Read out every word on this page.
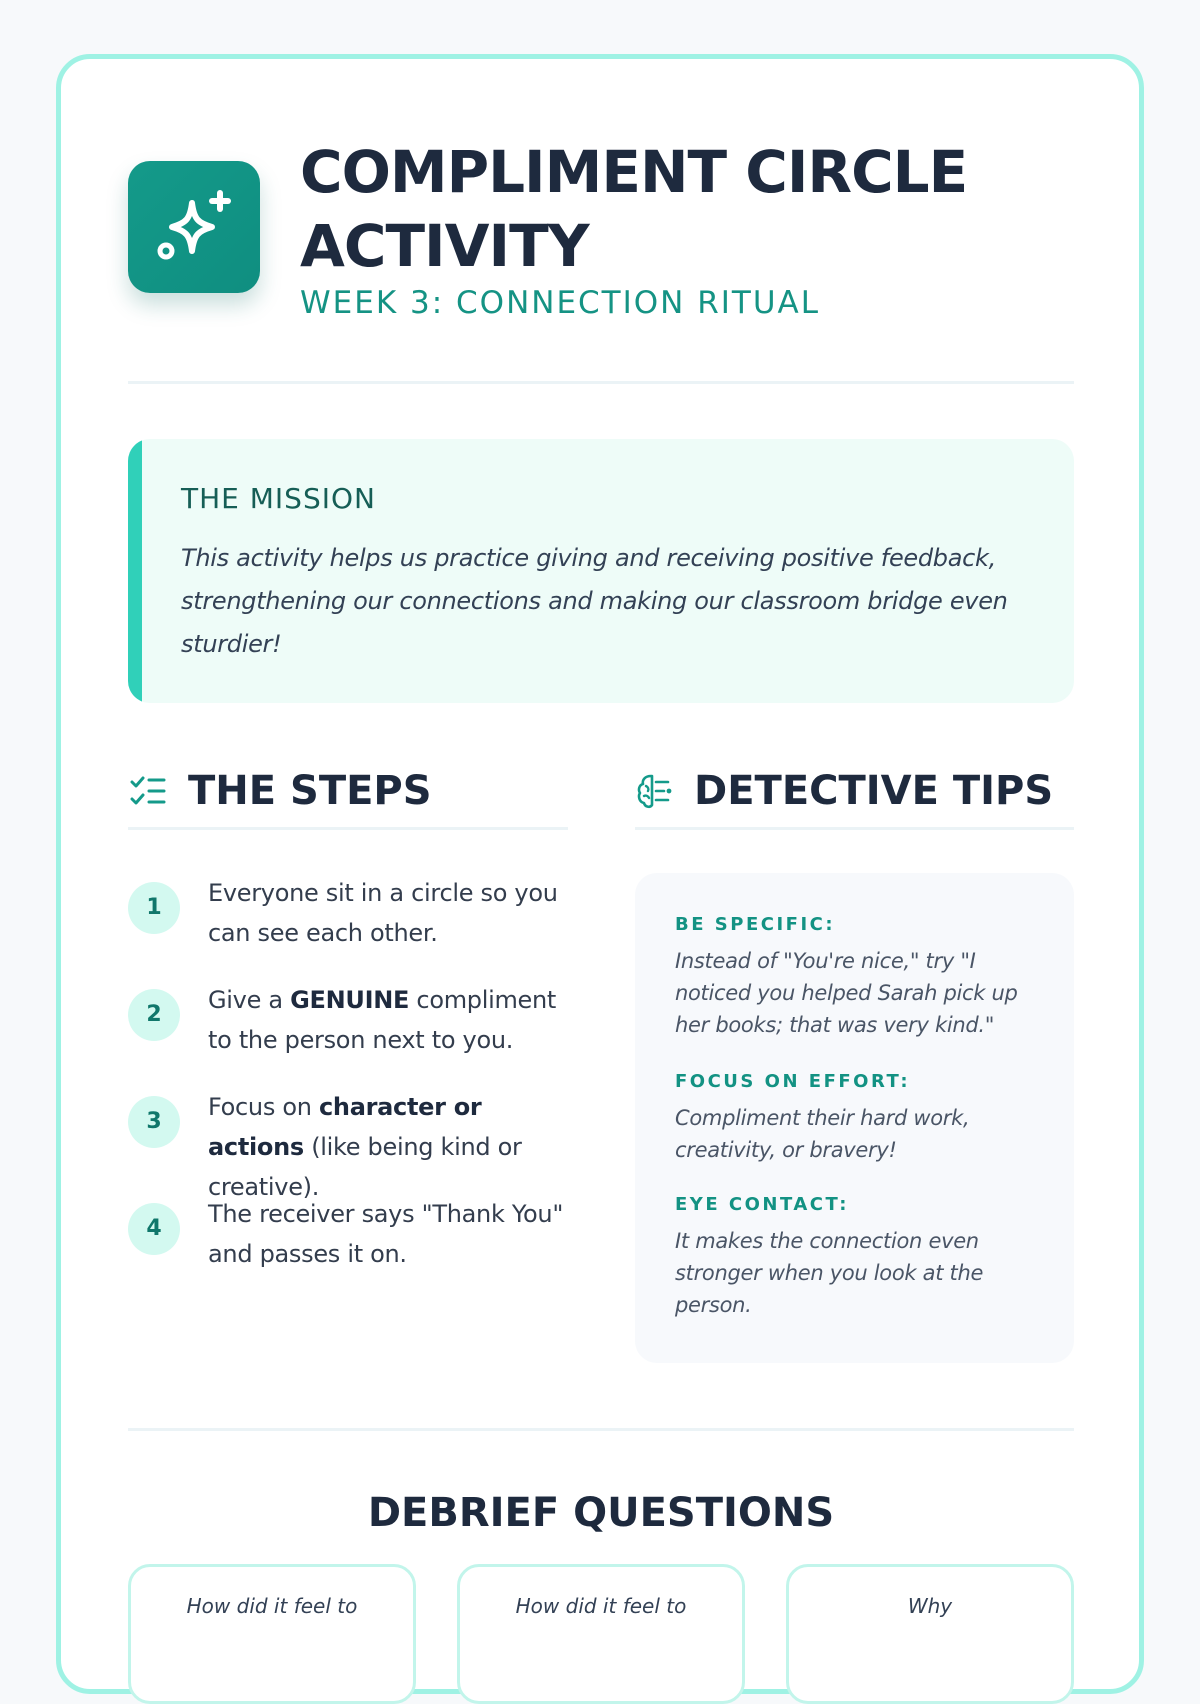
COMPLIMENT CIRCLE ACTIVITY

WEEK 3: CONNECTION RITUAL

THE MISSION

This activity helps us practice giving and receiving positive feedback, strengthening our connections and making our classroom bridge even sturdier!

THE STEPS
1

Everyone sit in a circle so you can see each other.

2

Give a GENUINE compliment to the person next to you.

3

Focus on character or actions (like being kind or creative).

4

The receiver says "Thank You" and passes it on.

DETECTIVE TIPS

BE SPECIFIC:

Instead of "You're nice," try "I noticed you helped Sarah pick up her books; that was very kind."

FOCUS ON EFFORT:

Compliment their hard work, creativity, or bravery!

EYE CONTACT:

It makes the connection even stronger when you look at the person.

DEBRIEF QUESTIONS

How did it feel to	How did it feel to	Why
